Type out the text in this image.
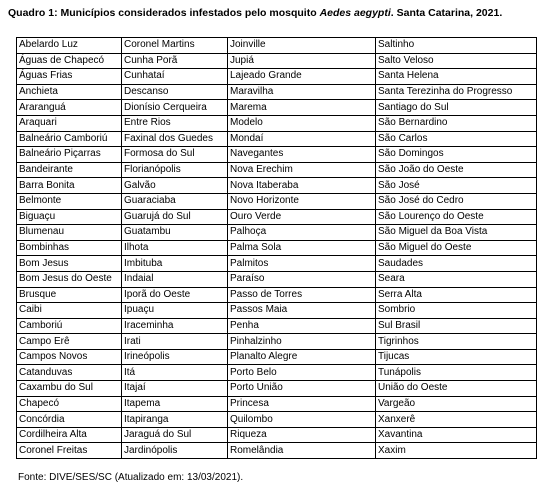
Quadro 1: Municípios considerados infestados pelo mosquito Aedes aegypti. Santa Catarina, 2021.
Abelardo Luz	Coronel Martins	Joinville	Saltinho
Águas de Chapecó	Cunha Porã	Jupiá	Salto Veloso
Águas Frias	Cunhataí	Lajeado Grande	Santa Helena
Anchieta	Descanso	Maravilha	Santa Terezinha do Progresso
Araranguá	Dionísio Cerqueira	Marema	Santiago do Sul
Araquari	Entre Rios	Modelo	São Bernardino
Balneário Camboriú	Faxinal dos Guedes	Mondaí	São Carlos
Balneário Piçarras	Formosa do Sul	Navegantes	São Domingos
Bandeirante	Florianópolis	Nova Erechim	São João do Oeste
Barra Bonita	Galvão	Nova Itaberaba	São José
Belmonte	Guaraciaba	Novo Horizonte	São José do Cedro
Biguaçu	Guarujá do Sul	Ouro Verde	São Lourenço do Oeste
Blumenau	Guatambu	Palhoça	São Miguel da Boa Vista
Bombinhas	Ilhota	Palma Sola	São Miguel do Oeste
Bom Jesus	Imbituba	Palmitos	Saudades
Bom Jesus do Oeste	Indaial	Paraíso	Seara
Brusque	Iporã do Oeste	Passo de Torres	Serra Alta
Caibi	Ipuaçu	Passos Maia	Sombrio
Camboriú	Iraceminha	Penha	Sul Brasil
Campo Erê	Irati	Pinhalzinho	Tigrinhos
Campos Novos	Irineópolis	Planalto Alegre	Tijucas
Catanduvas	Itá	Porto Belo	Tunápolis
Caxambu do Sul	Itajaí	Porto União	União do Oeste
Chapecó	Itapema	Princesa	Vargeão
Concórdia	Itapiranga	Quilombo	Xanxerê
Cordilheira Alta	Jaraguá do Sul	Riqueza	Xavantina
Coronel Freitas	Jardinópolis	Romelândia	Xaxim
Fonte: DIVE/SES/SC (Atualizado em: 13/03/2021).
